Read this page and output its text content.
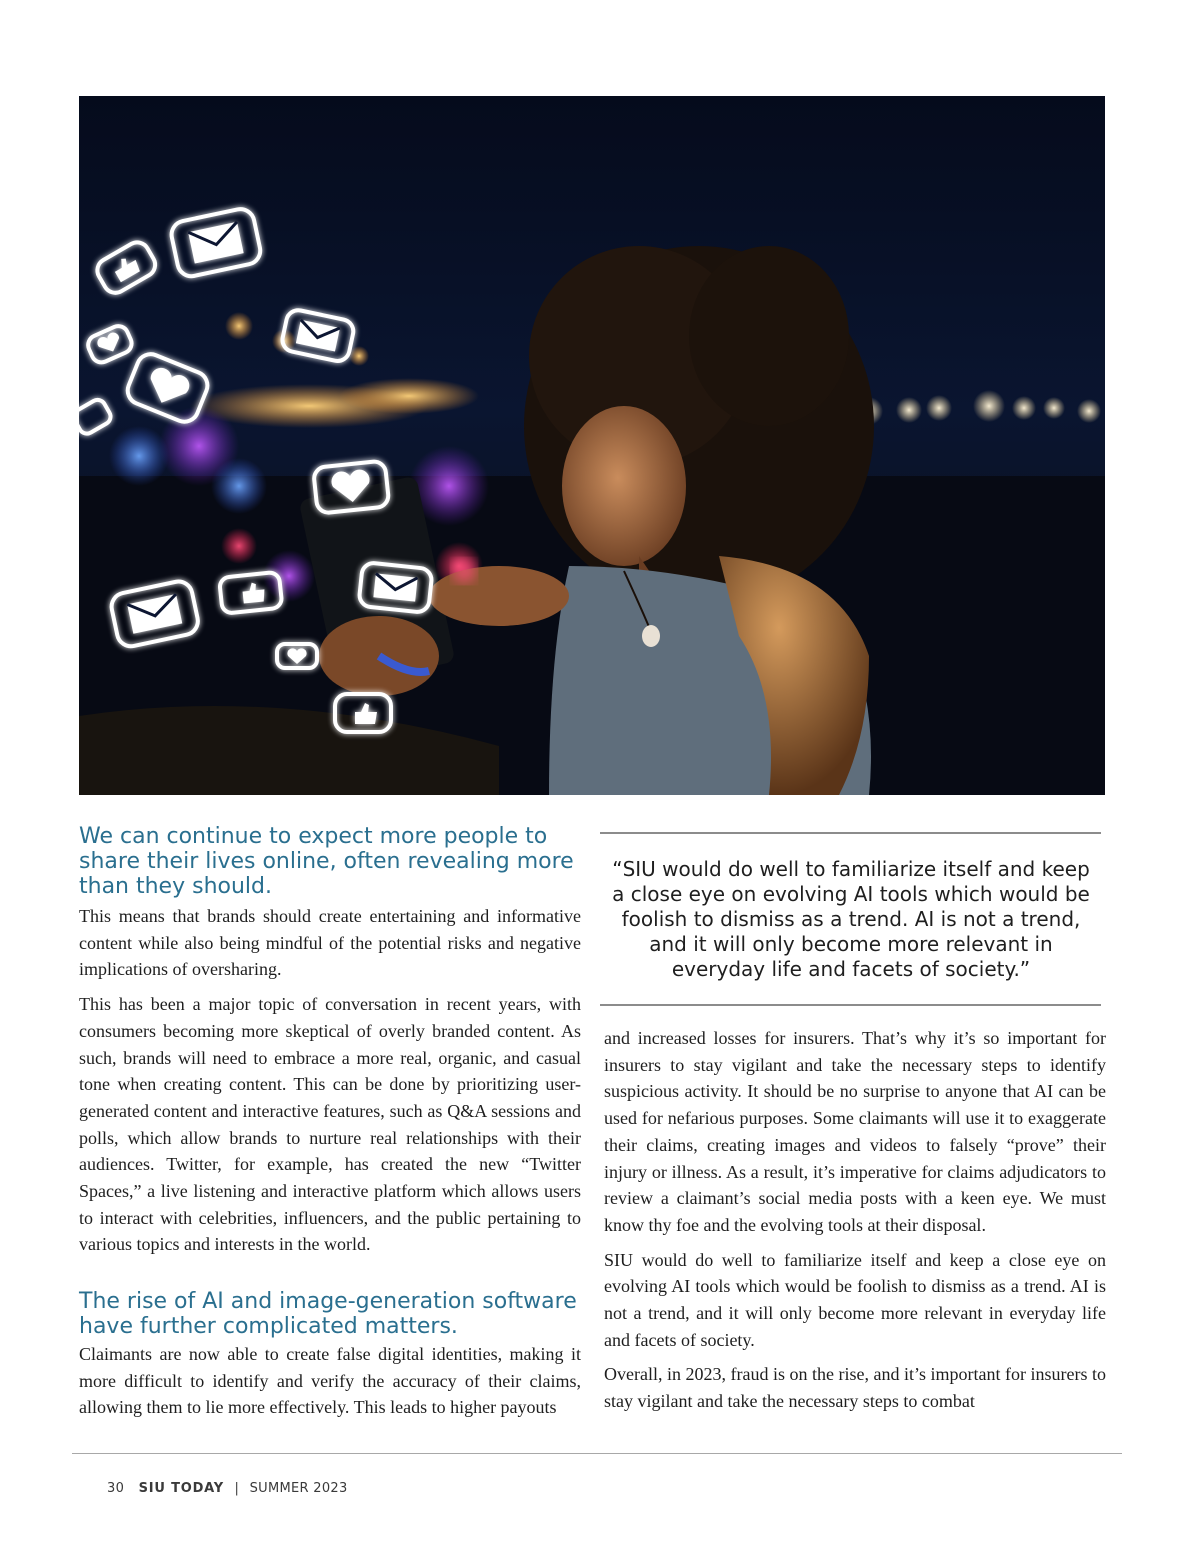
We can continue to expect more people to share their lives online, often revealing more than they should.

This means that brands should create entertaining and informative content while also being mindful of the potential risks and negative implications of oversharing.

This has been a major topic of conversation in recent years, with consumers becoming more skeptical of overly branded content. As such, brands will need to embrace a more real, organic, and casual tone when creating content. This can be done by prioritizing user-generated content and interactive features, such as Q&A sessions and polls, which allow brands to nurture real relationships with their audiences. Twitter, for example, has created the new “Twitter Spaces,” a live listening and interactive platform which allows users to interact with celebrities, influencers, and the public pertaining to various topics and interests in the world.

The rise of AI and image-generation software have further complicated matters.

Claimants are now able to create false digital identities, making it more difficult to identify and verify the accuracy of their claims, allowing them to lie more effectively. This leads to higher payouts

“SIU would do well to familiarize itself and keep a close eye on evolving AI tools which would be foolish to dismiss as a trend. AI is not a trend, and it will only become more relevant in everyday life and facets of society.”

and increased losses for insurers. That’s why it’s so important for insurers to stay vigilant and take the necessary steps to identify suspicious activity. It should be no surprise to anyone that AI can be used for nefarious purposes. Some claimants will use it to exaggerate their claims, creating images and videos to falsely “prove” their injury or illness. As a result, it’s imperative for claims adjudicators to review a claimant’s social media posts with a keen eye. We must know thy foe and the evolving tools at their disposal.

SIU would do well to familiarize itself and keep a close eye on evolving AI tools which would be foolish to dismiss as a trend. AI is not a trend, and it will only become more relevant in everyday life and facets of society.

Overall, in 2023, fraud is on the rise, and it’s important for insurers to stay vigilant and take the necessary steps to combat

30 SIU TODAY | SUMMER 2023
